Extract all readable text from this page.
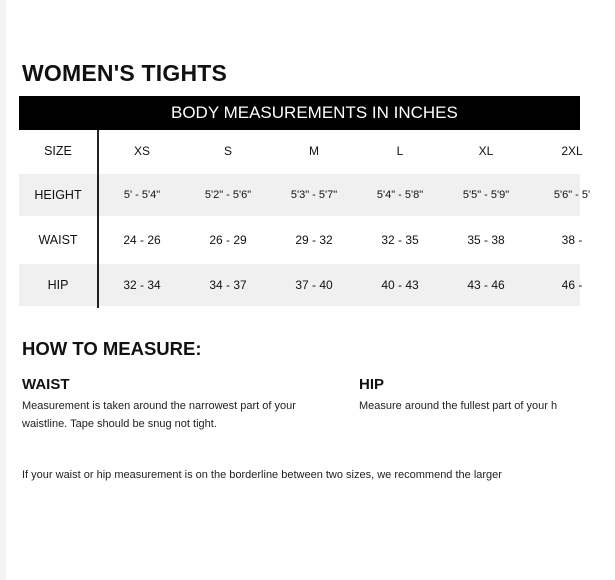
WOMEN'S TIGHTS
BODY MEASUREMENTS IN INCHES
SIZE	XS	S	M	L	XL	2XL
HEIGHT	5' - 5'4"	5'2" - 5'6"	5'3" - 5'7"	5'4" - 5'8"	5'5" - 5'9"	5'6" - 5'
WAIST	24 - 26	26 - 29	29 - 32	32 - 35	35 - 38	38 -
HIP	32 - 34	34 - 37	37 - 40	40 - 43	43 - 46	46 -
HOW TO MEASURE:
WAIST
Measurement is taken around the narrowest part of your
waistline. Tape should be snug not tight.
HIP
Measure around the fullest part of your h
If your waist or hip measurement is on the borderline between two sizes, we recommend the larger
